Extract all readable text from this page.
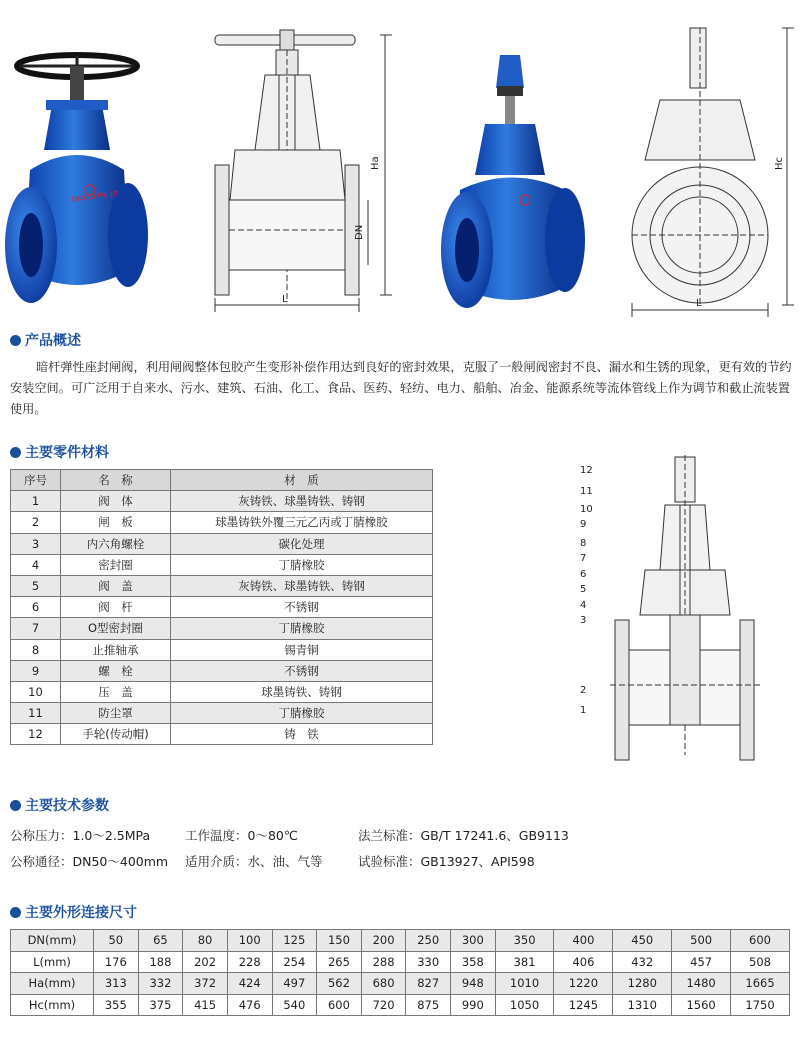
DN150 PN 10
L
Ha
DN
L
Hc
产品概述

暗杆弹性座封闸阀，利用闸阀整体包胶产生变形补偿作用达到良好的密封效果，克服了一般闸阀密封不良、漏水和生锈的现象，更有效的节约安装空间。可广泛用于自来水、污水、建筑、石油、化工、食品、医药、轻纺、电力、船舶、冶金、能源系统等流体管线上作为调节和截止流装置使用。

主要零件材料
序号	名　称	材　质
1	阀　体	灰铸铁、球墨铸铁、铸钢
2	闸　板	球墨铸铁外覆三元乙丙或丁腈橡胶
3	内六角螺栓	碳化处理
4	密封圈	丁腈橡胶
5	阀　盖	灰铸铁、球墨铸铁、铸钢
6	阀　杆	不锈钢
7	O型密封圈	丁腈橡胶
8	止推轴承	锡青铜
9	螺　栓	不锈钢
10	压　盖	球墨铸铁、铸钢
11	防尘罩	丁腈橡胶
12	手轮(传动帽)	铸　铁
12
11
10
9
8
7
6
5
4
3
2
1
主要技术参数
公称压力：1.0～2.5MPa	工作温度：0～80℃	法兰标准：GB/T 17241.6、GB9113
公称通径：DN50～400mm 适用介质：水、油、气等	试验标准：GB13927、API598
主要外形连接尺寸
DN(mm)	50	65	80	100	125	150	200	250	300	350	400	450	500	600
L(mm)	176	188	202	228	254	265	288	330	358	381	406	432	457	508
Ha(mm)	313	332	372	424	497	562	680	827	948	1010	1220	1280	1480	1665
Hc(mm)	355	375	415	476	540	600	720	875	990	1050	1245	1310	1560	1750
